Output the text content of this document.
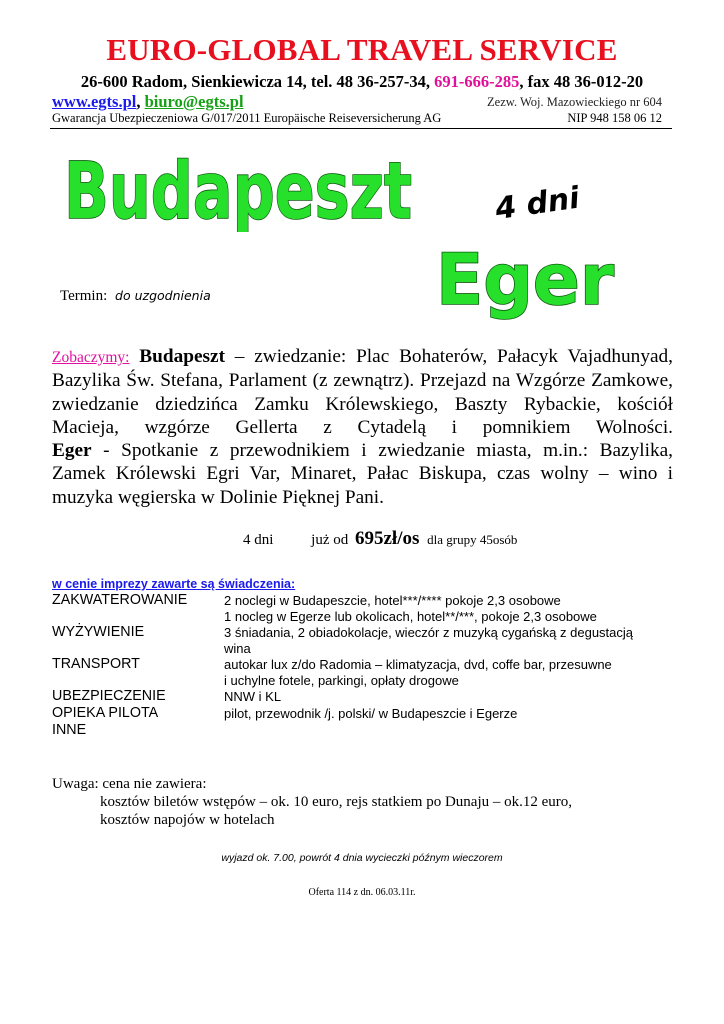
EURO-GLOBAL TRAVEL SERVICE
26-600 Radom, Sienkiewicza 14, tel. 48 36-257-34, 691-666-285, fax 48 36-012-20
www.egts.pl, biuro@egts.pl	Zezw. Woj. Mazowieckiego nr 604
Gwarancja Ubezpieczeniowa G/017/2011 Europäische Reiseversicherung AG	NIP 948 158 06 12
Budapeszt	4 dni
Eger
Termin: do uzgodnienia
Zobaczymy: Budapeszt – zwiedzanie: Plac Bohaterów, Pałacyk Vajadhunyad,
Bazylika Św. Stefana, Parlament (z zewnątrz). Przejazd na Wzgórze Zamkowe,
zwiedzanie dziedzińca Zamku Królewskiego, Baszty Rybackie, kościół
Macieja, wzgórze Gellerta z Cytadelą i pomnikiem Wolności.
Eger - Spotkanie z przewodnikiem i zwiedzanie miasta, m.in.: Bazylika,
Zamek Królewski Egri Var, Minaret, Pałac Biskupa, czas wolny – wino i
muzyka węgierska w Dolinie Pięknej Pani.
4 dni	już od 695zł/os dla grupy 45osób
w cenie imprezy zawarte są świadczenia:
ZAKWATEROWANIE	2 noclegi w Budapeszcie, hotel***/**** pokoje 2,3 osobowe
1 nocleg w Egerze lub okolicach, hotel**/***, pokoje 2,3 osobowe
WYŻYWIENIE	3 śniadania, 2 obiadokolacje, wieczór z muzyką cygańską z degustacją
wina
TRANSPORT	autokar lux z/do Radomia – klimatyzacja, dvd, coffe bar, przesuwne
i uchylne fotele, parkingi, opłaty drogowe
UBEZPIECZENIE	NNW i KL
OPIEKA PILOTA	pilot, przewodnik /j. polski/ w Budapeszcie i Egerze
INNE
Uwaga: cena nie zawiera:
kosztów biletów wstępów – ok. 10 euro, rejs statkiem po Dunaju – ok.12 euro,
kosztów napojów w hotelach
wyjazd ok. 7.00, powrót 4 dnia wycieczki późnym wieczorem
Oferta 114 z dn. 06.03.11r.
